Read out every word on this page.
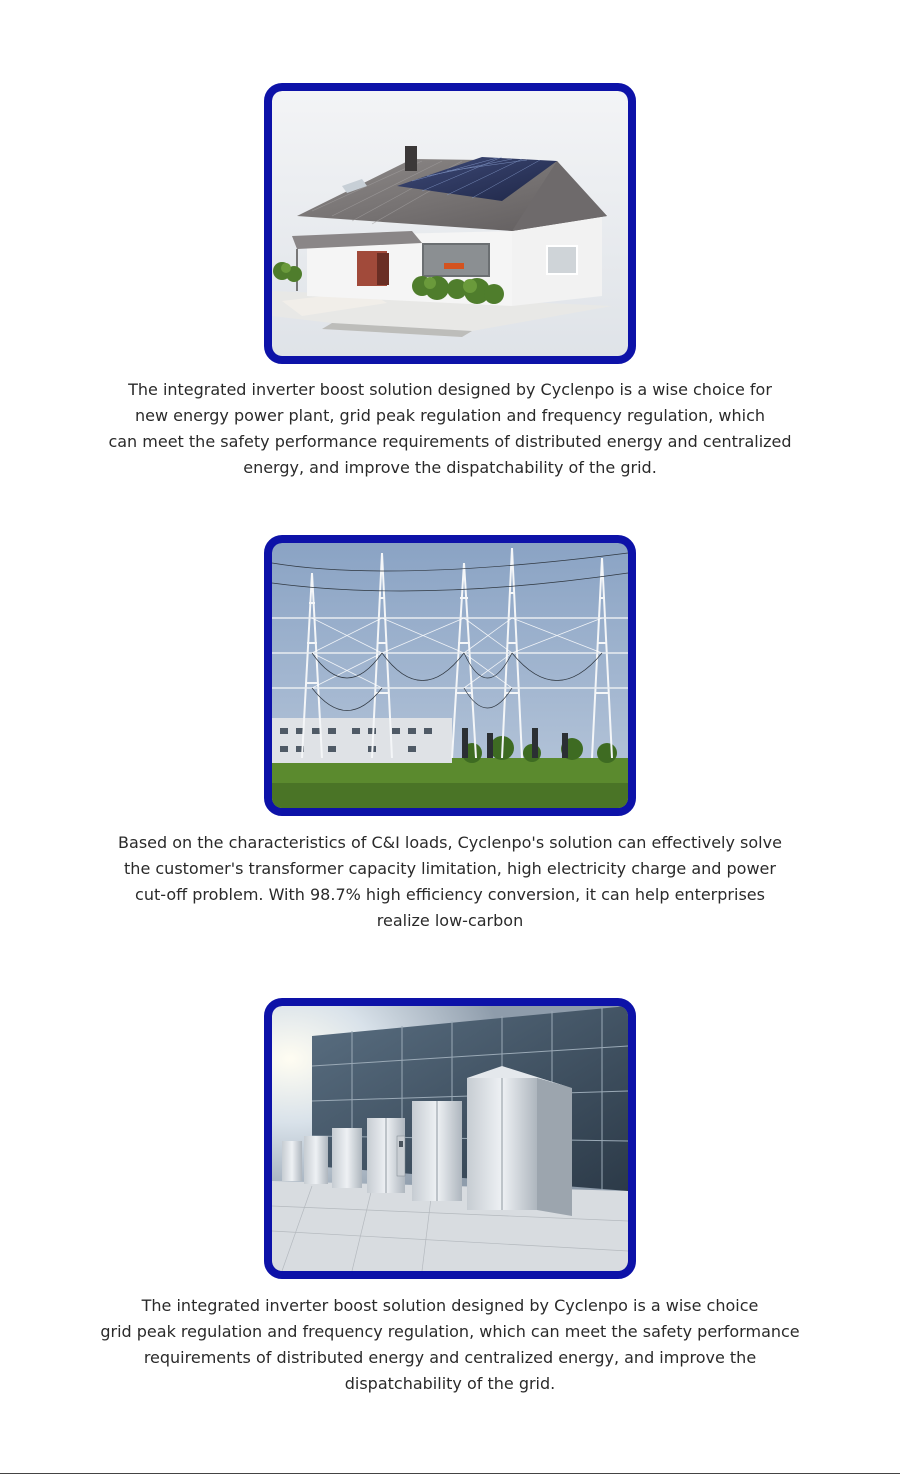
The integrated inverter boost solution designed by Cyclenpo is a wise choice for
new energy power plant, grid peak regulation and frequency regulation, which
can meet the safety performance requirements of distributed energy and centralized
energy, and improve the dispatchability of the grid.

Based on the characteristics of C&I loads, Cyclenpo's solution can effectively solve
the customer's transformer capacity limitation, high electricity charge and power
cut-off problem. With 98.7% high efficiency conversion, it can help enterprises
realize low-carbon

The integrated inverter boost solution designed by Cyclenpo is a wise choice
grid peak regulation and frequency regulation, which can meet the safety performance
requirements of distributed energy and centralized energy, and improve the
dispatchability of the grid.
